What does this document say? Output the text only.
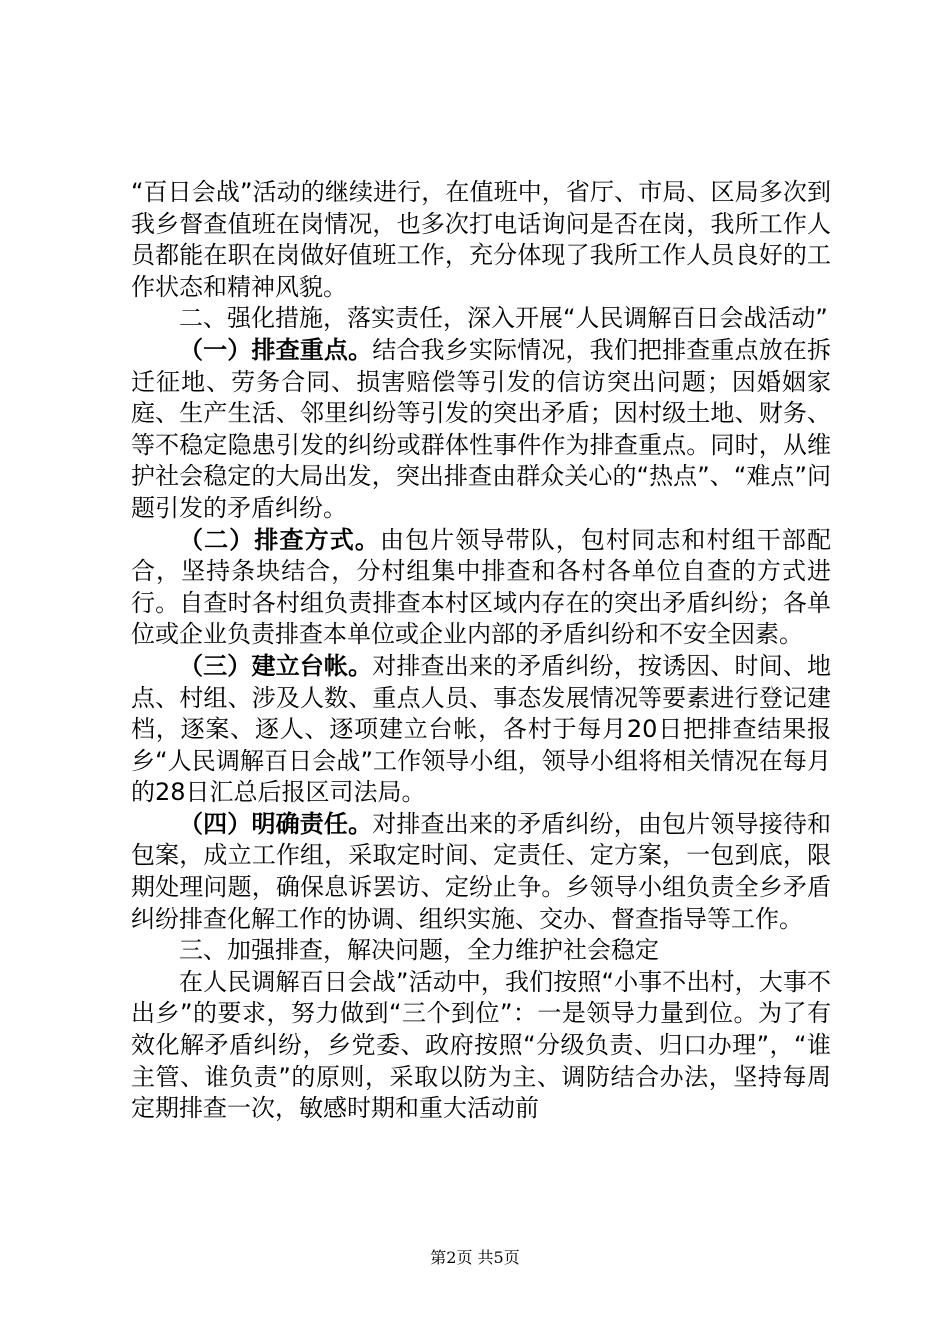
“百日会战”活动的继续进行，在值班中，省厅、市局、区局多次到我乡督查值班在岗情况，也多次打电话询问是否在岗，我所工作人员都能在职在岗做好值班工作，充分体现了我所工作人员良好的工作状态和精神风貌。

二、强化措施，落实责任，深入开展“人民调解百日会战活动”

（一）排查重点。结合我乡实际情况，我们把排查重点放在拆迁征地、劳务合同、损害赔偿等引发的信访突出问题；因婚姻家庭、生产生活、邻里纠纷等引发的突出矛盾；因村级土地、财务、等不稳定隐患引发的纠纷或群体性事件作为排查重点。同时，从维护社会稳定的大局出发，突出排查由群众关心的“热点”、“难点”问题引发的矛盾纠纷。

（二）排查方式。由包片领导带队，包村同志和村组干部配合，坚持条块结合，分村组集中排查和各村各单位自查的方式进行。自查时各村组负责排查本村区域内存在的突出矛盾纠纷；各单位或企业负责排查本单位或企业内部的矛盾纠纷和不安全因素。

（三）建立台帐。对排查出来的矛盾纠纷，按诱因、时间、地点、村组、涉及人数、重点人员、事态发展情况等要素进行登记建档，逐案、逐人、逐项建立台帐，各村于每月20日把排查结果报乡“人民调解百日会战”工作领导小组，领导小组将相关情况在每月的28日汇总后报区司法局。

（四）明确责任。对排查出来的矛盾纠纷，由包片领导接待和包案，成立工作组，采取定时间、定责任、定方案，一包到底，限期处理问题，确保息诉罢访、定纷止争。乡领导小组负责全乡矛盾纠纷排查化解工作的协调、组织实施、交办、督查指导等工作。

三、加强排查，解决问题，全力维护社会稳定

在人民调解百日会战”活动中，我们按照“小事不出村，大事不出乡”的要求，努力做到“三个到位”：一是领导力量到位。为了有效化解矛盾纠纷，乡党委、政府按照“分级负责、归口办理”，“谁主管、谁负责”的原则，采取以防为主、调防结合办法，坚持每周定期排查一次，敏感时期和重大活动前

第2页 共5页
